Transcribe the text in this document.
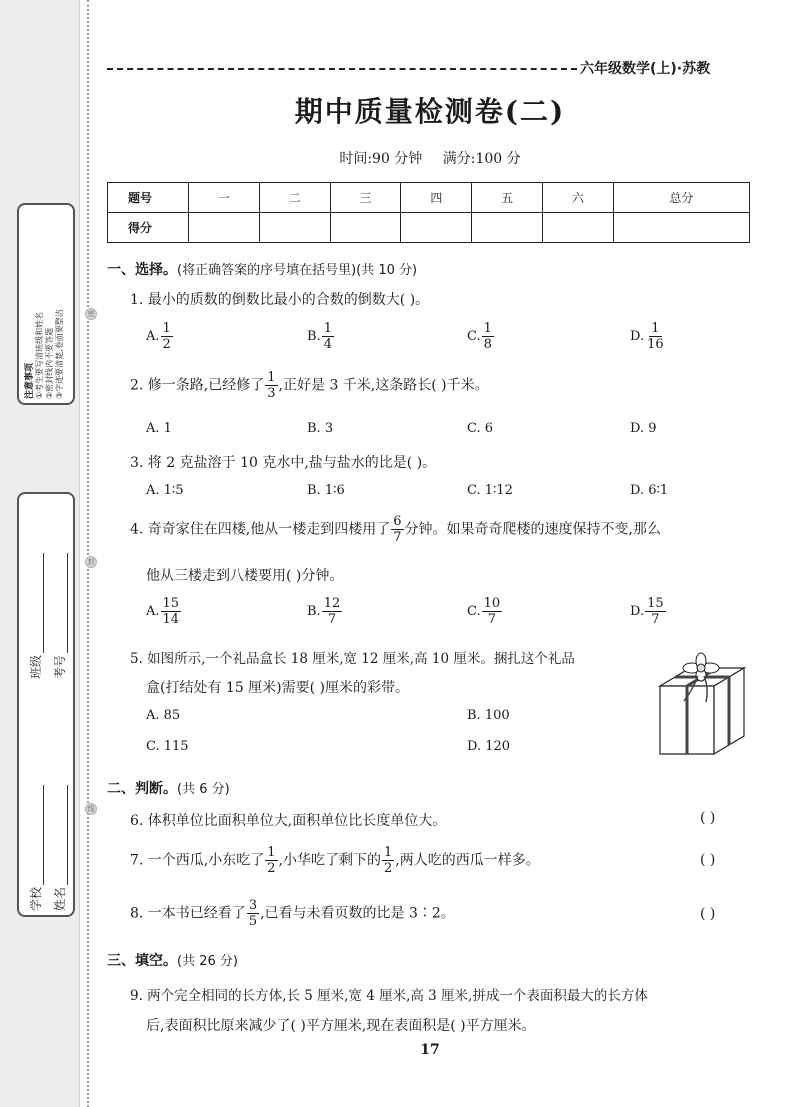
注意事项 ①考生要写清班级和姓名 ②密封线内不要答题 ③字迹要清楚,卷面要整洁	密
封
线
学校 姓名
班级 考号
六年级数学(上)·苏教
期中质量检测卷(二)
时间:90 分钟 满分:100 分
题号	一	二	三	四	五	六	总分
得分							
一、选择。(将正确答案的序号填在括号里)(共 10 分)
1. 最小的质数的倒数比最小的合数的倒数大( )。
A. $\frac{1}{2}$	B. $\frac{1}{4}$	C. $\frac{1}{8}$	D. $\frac{1}{16}$
2. 修一条路,已经修了 $\frac{1}{3}$ ,正好是 3 千米,这条路长( )千米。
A. 1	B. 3	C. 6	D. 9
3. 将 2 克盐溶于 10 克水中,盐与盐水的比是( )。
A. 1∶5	B. 1∶6	C. 1∶12	D. 6∶1
4. 奇奇家住在四楼,他从一楼走到四楼用了 $\frac{6}{7}$ 分钟。如果奇奇爬楼的速度保持不变,那么
他从三楼走到八楼要用( )分钟。
A. $\frac{15}{14}$	B. $\frac{12}{7}$	C. $\frac{10}{7}$	D. $\frac{15}{7}$
5. 如图所示,一个礼品盒长 18 厘米,宽 12 厘米,高 10 厘米。捆扎这个礼品
盒(打结处有 15 厘米)需要( )厘米的彩带。
A. 85	B. 100
C. 115	D. 120
二、判断。(共 6 分)
6. 体积单位比面积单位大,面积单位比长度单位大。	( )
7. 一个西瓜,小东吃了 $\frac{1}{2}$ ,小华吃了剩下的 $\frac{1}{2}$ ,两人吃的西瓜一样多。	( )
8. 一本书已经看了 $\frac{3}{5}$ ,已看与未看页数的比是 3∶2。	( )
三、填空。(共 26 分)
9. 两个完全相同的长方体,长 5 厘米,宽 4 厘米,高 3 厘米,拼成一个表面积最大的长方体
后,表面积比原来减少了( )平方厘米,现在表面积是( )平方厘米。
17
